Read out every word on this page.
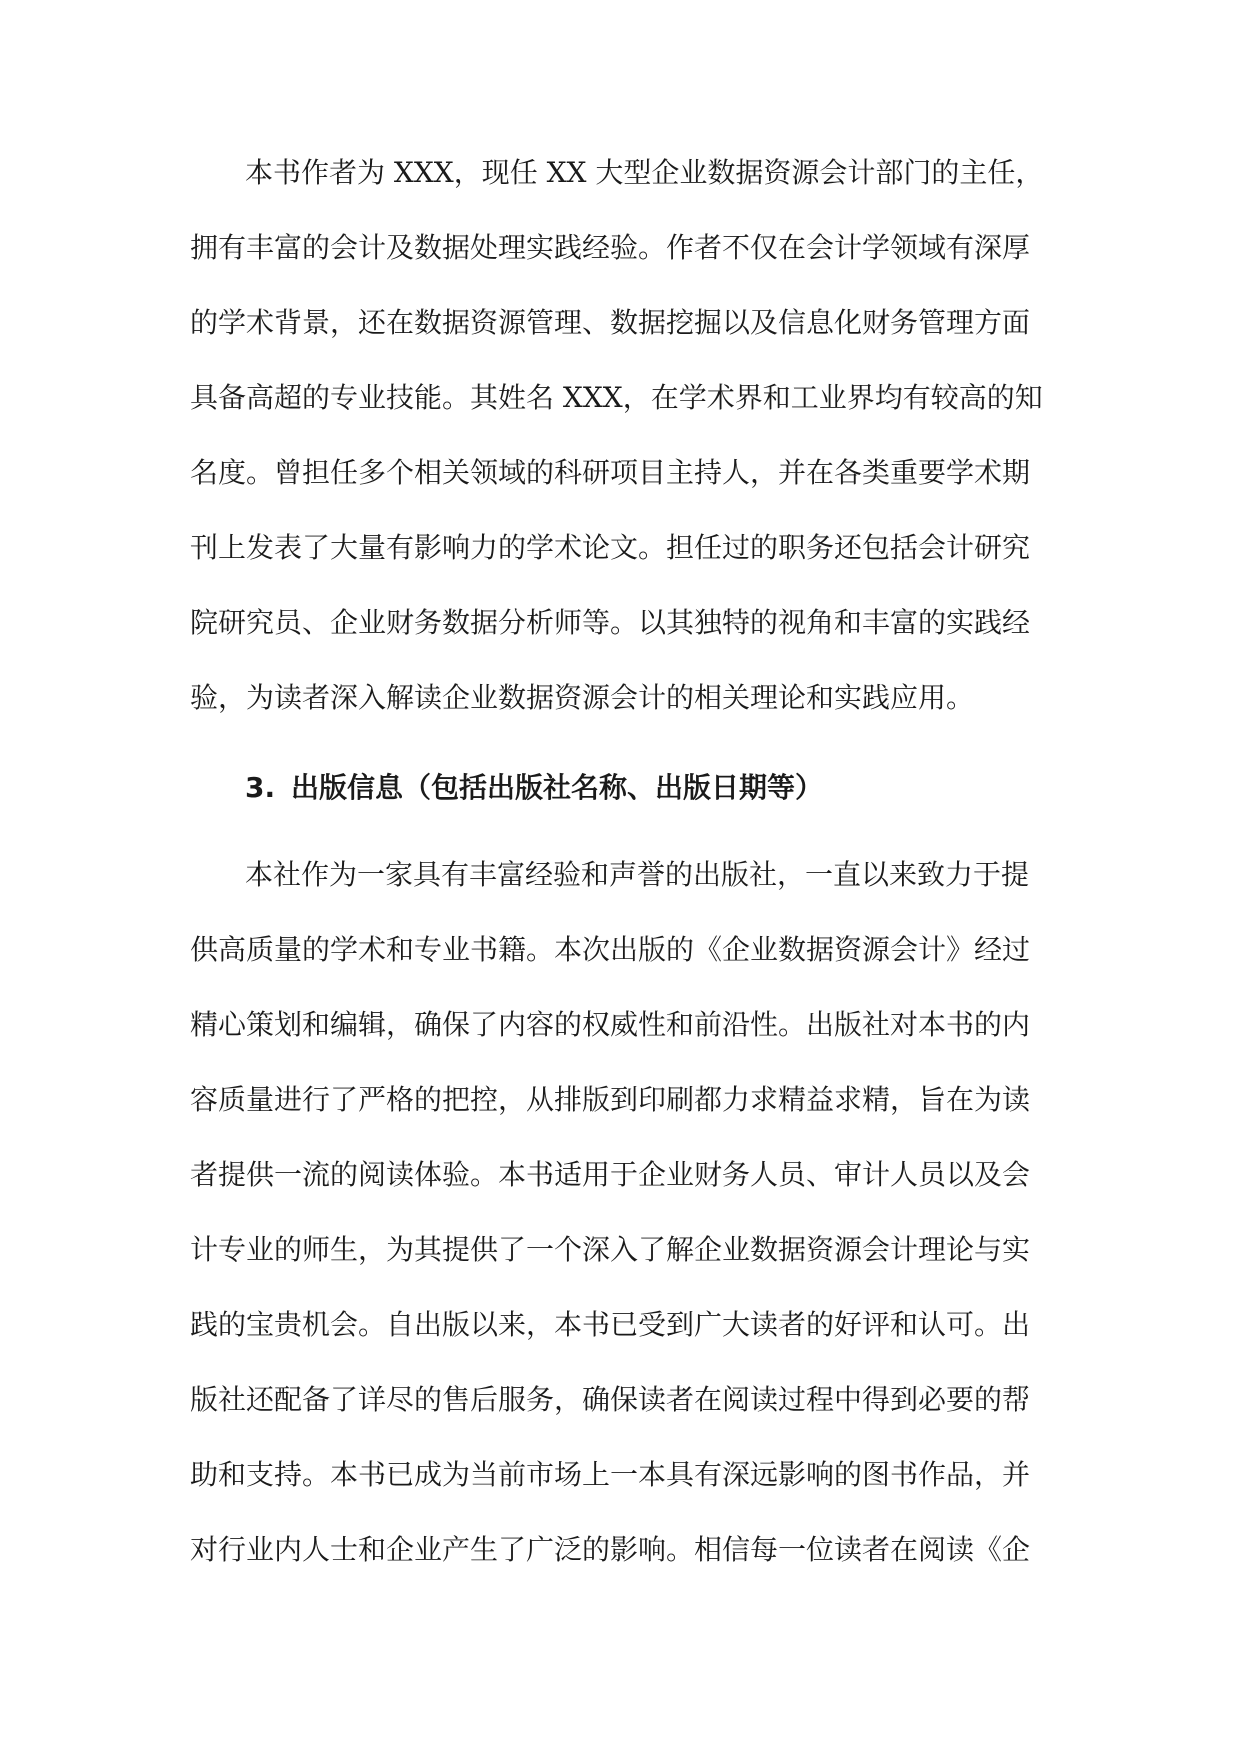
本书作者为 XXX，现任 XX 大型企业数据资源会计部门的主任，
拥有丰富的会计及数据处理实践经验。作者不仅在会计学领域有深厚
的学术背景，还在数据资源管理、数据挖掘以及信息化财务管理方面
具备高超的专业技能。其姓名 XXX，在学术界和工业界均有较高的知
名度。曾担任多个相关领域的科研项目主持人，并在各类重要学术期
刊上发表了大量有影响力的学术论文。担任过的职务还包括会计研究
院研究员、企业财务数据分析师等。以其独特的视角和丰富的实践经
验，为读者深入解读企业数据资源会计的相关理论和实践应用。
3. 出版信息（包括出版社名称、出版日期等）
本社作为一家具有丰富经验和声誉的出版社，一直以来致力于提
供高质量的学术和专业书籍。本次出版的《企业数据资源会计》经过
精心策划和编辑，确保了内容的权威性和前沿性。出版社对本书的内
容质量进行了严格的把控，从排版到印刷都力求精益求精，旨在为读
者提供一流的阅读体验。本书适用于企业财务人员、审计人员以及会
计专业的师生，为其提供了一个深入了解企业数据资源会计理论与实
践的宝贵机会。自出版以来，本书已受到广大读者的好评和认可。出
版社还配备了详尽的售后服务，确保读者在阅读过程中得到必要的帮
助和支持。本书已成为当前市场上一本具有深远影响的图书作品，并
对行业内人士和企业产生了广泛的影响。相信每一位读者在阅读《企
